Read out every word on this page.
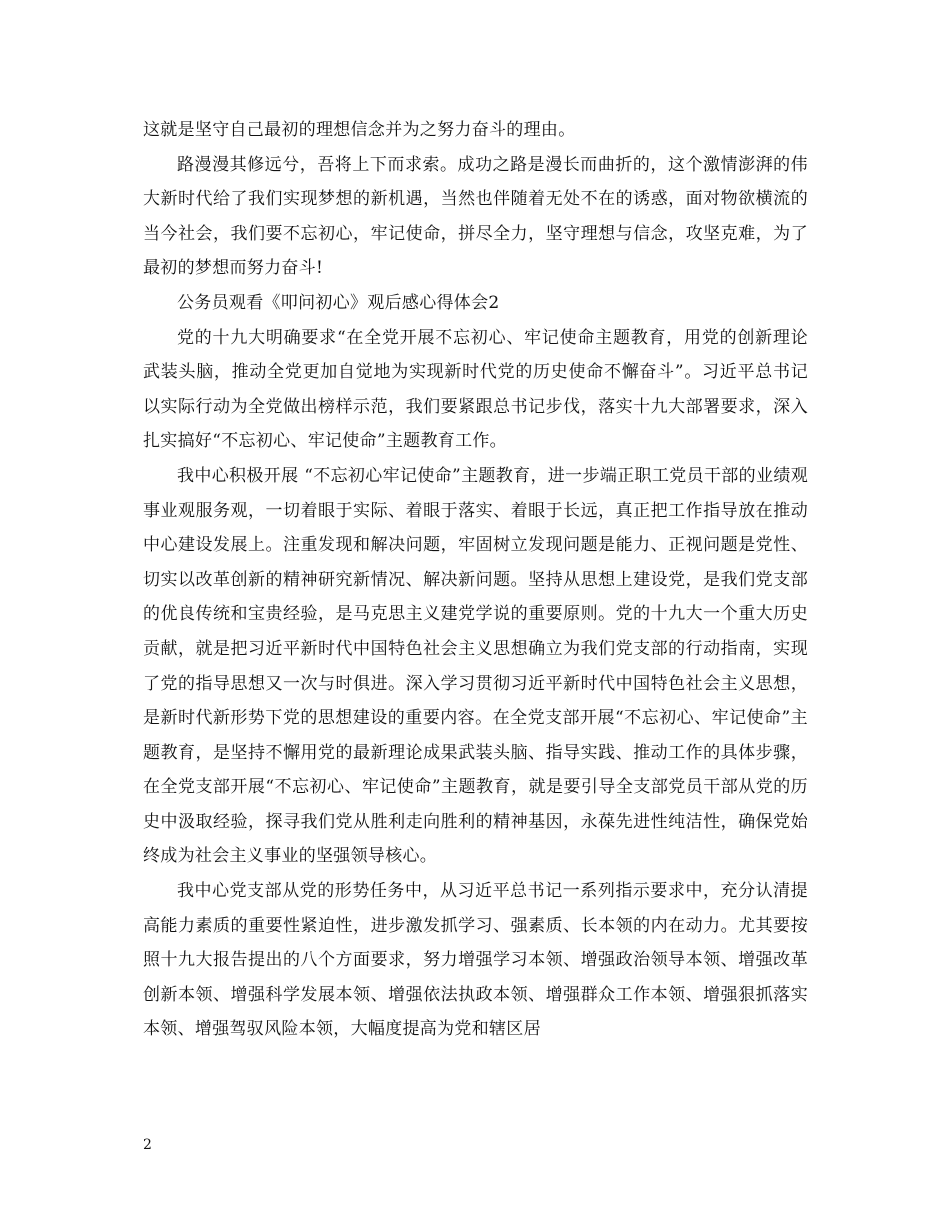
这就是坚守自己最初的理想信念并为之努力奋斗的理由。

路漫漫其修远兮，吾将上下而求索。成功之路是漫长而曲折的，这个激情澎湃的伟大新时代给了我们实现梦想的新机遇，当然也伴随着无处不在的诱惑，面对物欲横流的当今社会，我们要不忘初心，牢记使命，拼尽全力，坚守理想与信念，攻坚克难，为了最初的梦想而努力奋斗!

公务员观看《叩问初心》观后感心得体会2

党的十九大明确要求“在全党开展不忘初心、牢记使命主题教育，用党的创新理论武装头脑，推动全党更加自觉地为实现新时代党的历史使命不懈奋斗”。习近平总书记以实际行动为全党做出榜样示范，我们要紧跟总书记步伐，落实十九大部署要求，深入扎实搞好“不忘初心、牢记使命”主题教育工作。

我中心积极开展 “不忘初心牢记使命”主题教育，进一步端正职工党员干部的业绩观事业观服务观，一切着眼于实际、着眼于落实、着眼于长远，真正把工作指导放在推动中心建设发展上。注重发现和解决问题，牢固树立发现问题是能力、正视问题是党性、切实以改革创新的精神研究新情况、解决新问题。坚持从思想上建设党，是我们党支部的优良传统和宝贵经验，是马克思主义建党学说的重要原则。党的十九大一个重大历史贡献，就是把习近平新时代中国特色社会主义思想确立为我们党支部的行动指南，实现了党的指导思想又一次与时俱进。深入学习贯彻习近平新时代中国特色社会主义思想，是新时代新形势下党的思想建设的重要内容。在全党支部开展“不忘初心、牢记使命”主题教育，是坚持不懈用党的最新理论成果武装头脑、指导实践、推动工作的具体步骤，在全党支部开展“不忘初心、牢记使命”主题教育，就是要引导全支部党员干部从党的历史中汲取经验，探寻我们党从胜利走向胜利的精神基因，永葆先进性纯洁性，确保党始终成为社会主义事业的坚强领导核心。

我中心党支部从党的形势任务中，从习近平总书记一系列指示要求中，充分认清提高能力素质的重要性紧迫性，进步激发抓学习、强素质、长本领的内在动力。尤其要按照十九大报告提出的八个方面要求，努力增强学习本领、增强政治领导本领、增强改革创新本领、增强科学发展本领、增强依法执政本领、增强群众工作本领、增强狠抓落实本领、增强驾驭风险本领，大幅度提高为党和辖区居

2
